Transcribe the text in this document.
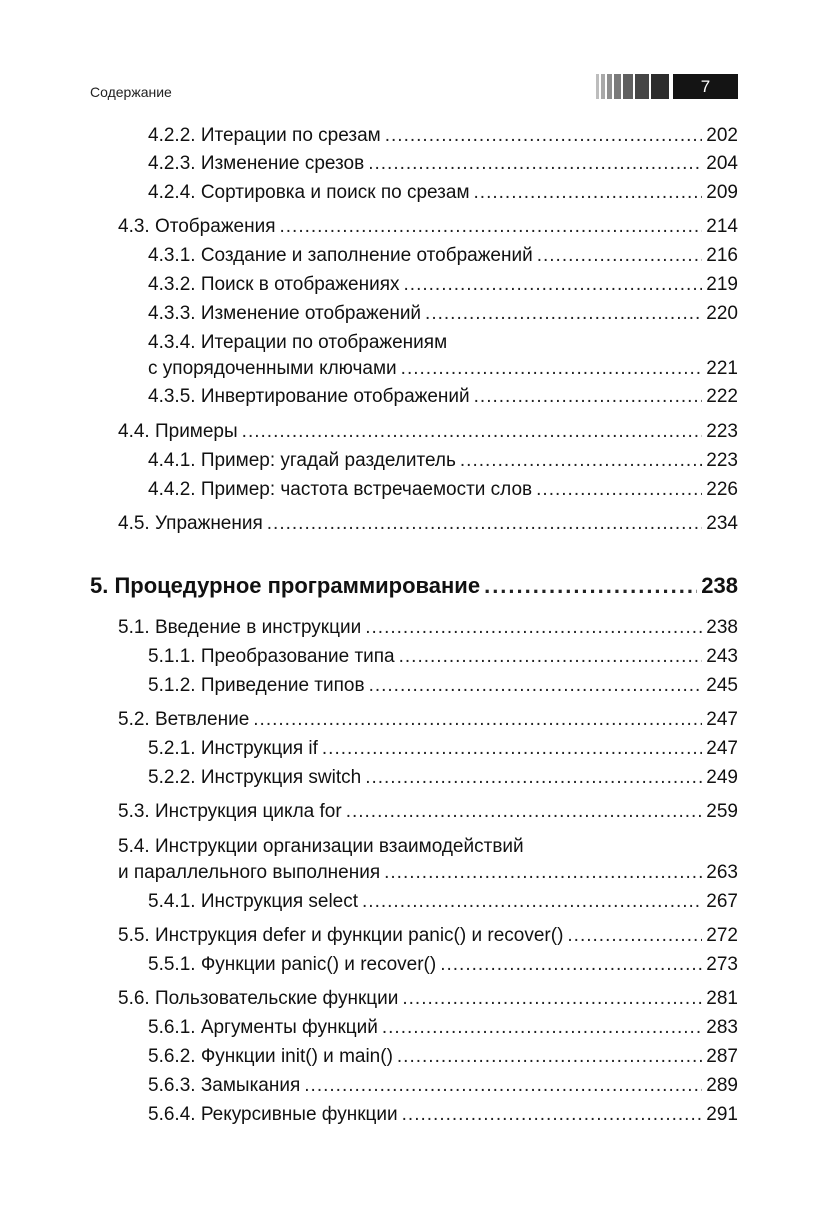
Содержание	7
4.2.2. Итерации по срезам .....	202
4.2.3. Изменение срезов .....	204
4.2.4. Сортировка и поиск по срезам .....	209
4.3. Отображения .....	214
4.3.1. Создание и заполнение отображений .....	216
4.3.2. Поиск в отображениях .....	219
4.3.3. Изменение отображений .....	220
4.3.4. Итерации по отображениям
с упорядоченными ключами .....	221
4.3.5. Инвертирование отображений .....	222
4.4. Примеры .....	223
4.4.1. Пример: угадай разделитель .....	223
4.4.2. Пример: частота встречаемости слов .....	226
4.5. Упражнения .....	234
5. Процедурное программирование .....	238
5.1. Введение в инструкции .....	238
5.1.1. Преобразование типа .....	243
5.1.2. Приведение типов .....	245
5.2. Ветвление .....	247
5.2.1. Инструкция if .....	247
5.2.2. Инструкция switch .....	249
5.3. Инструкция цикла for .....	259
5.4. Инструкции организации взаимодействий
и параллельного выполнения .....	263
5.4.1. Инструкция select .....	267
5.5. Инструкция defer и функции panic() и recover() .....	272
5.5.1. Функции panic() и recover() .....	273
5.6. Пользовательские функции .....	281
5.6.1. Аргументы функций .....	283
5.6.2. Функции init() и main() .....	287
5.6.3. Замыкания .....	289
5.6.4. Рекурсивные функции .....	291
